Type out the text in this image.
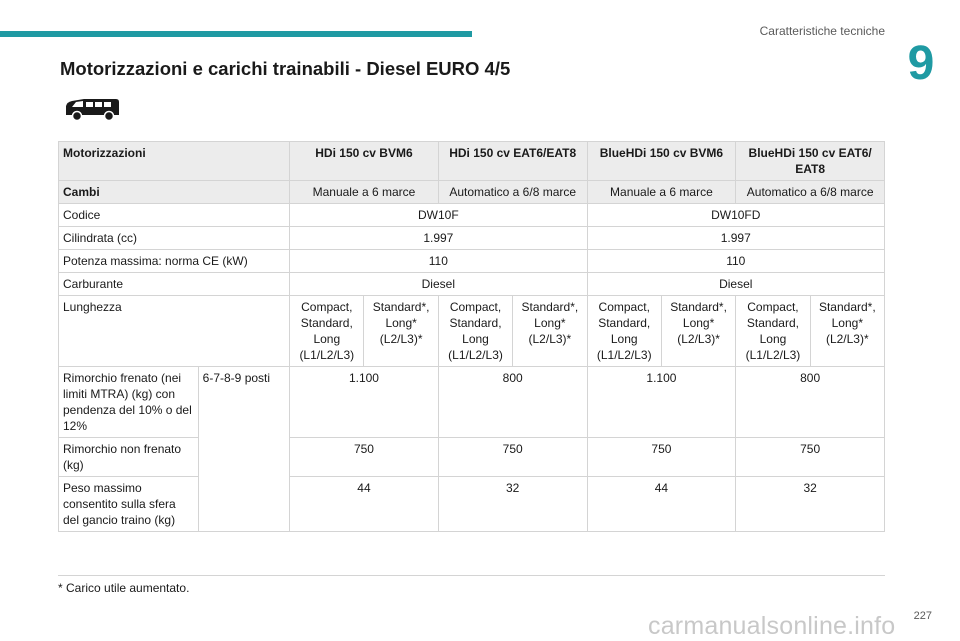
Caratteristiche tecniche
9
Motorizzazioni e carichi trainabili - Diesel EURO 4/5
Motorizzazioni		HDi 150 cv BVM6		HDi 150 cv EAT6/EAT8		BlueHDi 150 cv BVM6		BlueHDi 150 cv EAT6/ EAT8	
Cambi		Manuale a 6 marce		Automatico a 6/8 marce		Manuale a 6 marce		Automatico a 6/8 marce	
Codice		DW10F				DW10FD			
Cilindrata (cc)		1.997				1.997			
Potenza massima: norma CE (kW)		110				110			
Carburante		Diesel				Diesel			
Lunghezza		Compact, Standard, Long (L1/L2/L3)	Standard*, Long* (L2/L3)*	Compact, Standard, Long (L1/L2/L3)	Standard*, Long* (L2/L3)*	Compact, Standard, Long (L1/L2/L3)	Standard*, Long* (L2/L3)*	Compact, Standard, Long (L1/L2/L3)	Standard*, Long* (L2/L3)*
Rimorchio frenato (nei limiti MTRA) (kg) con pendenza del 10% o del 12%	6-7-8-9 posti	1.100		800		1.100		800	
Rimorchio non frenato (kg)		750		750		750		750	
Peso massimo consentito sulla sfera del gancio traino (kg)		44		32		44		32	
* Carico utile aumentato.
227
carmanualsonline.info
